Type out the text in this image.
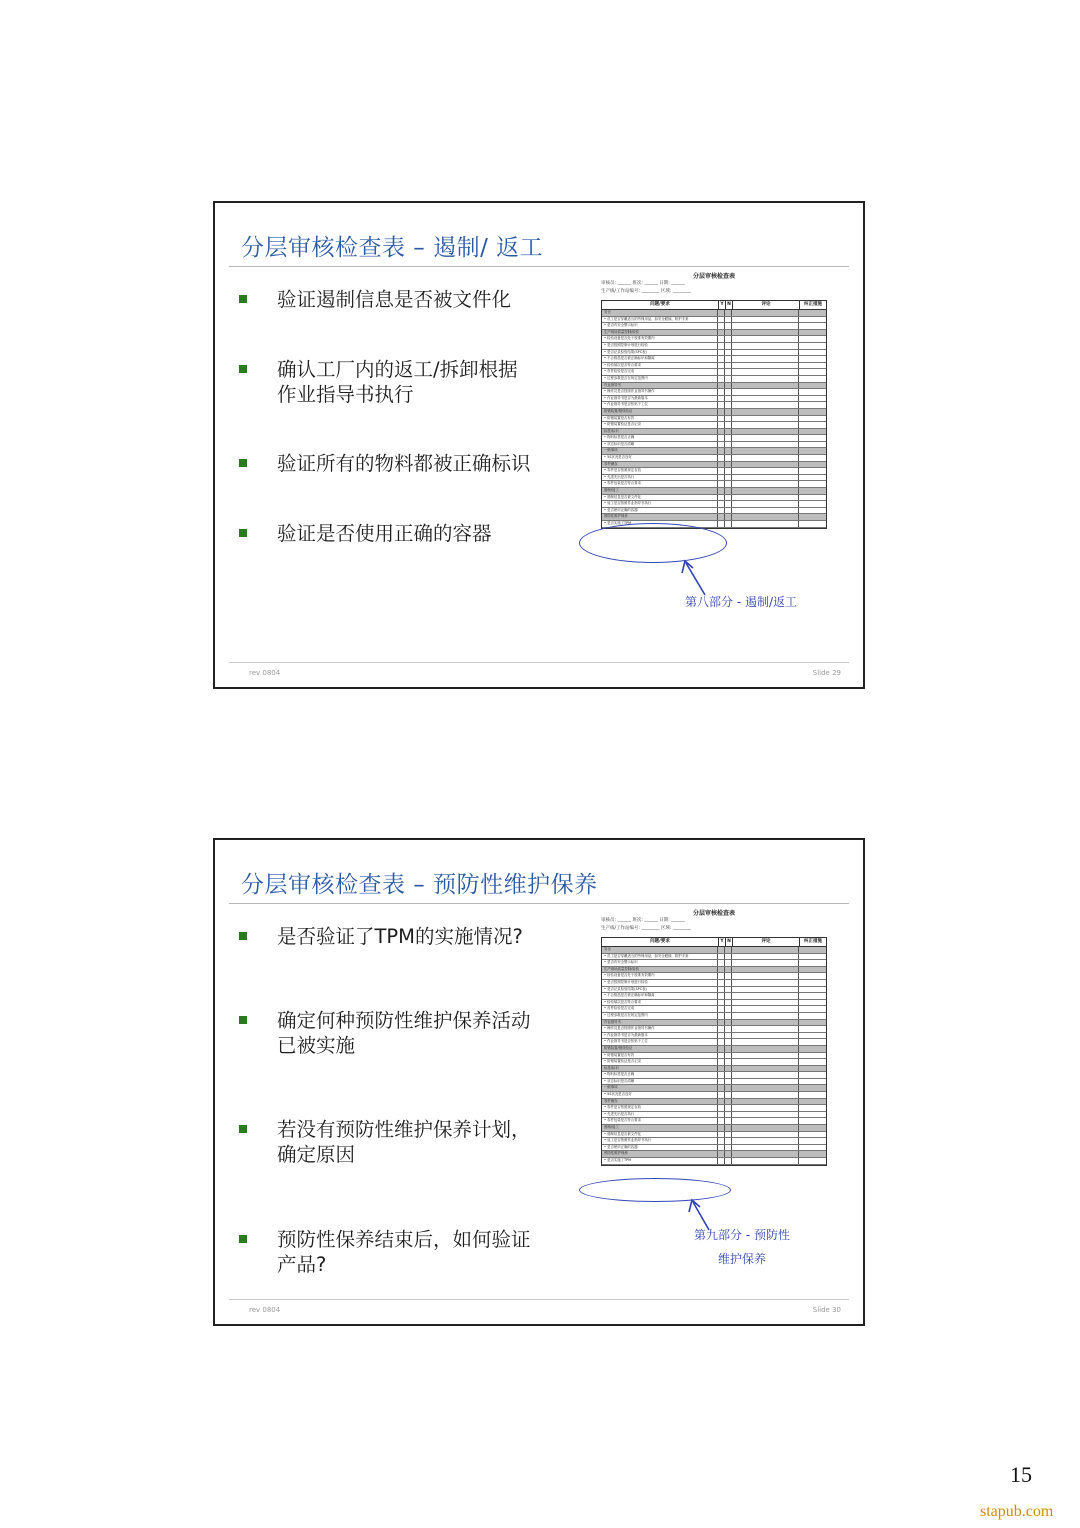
分层审核检查表 – 遏制/ 返工
验证遏制信息是否被文件化
确认工厂内的返工/拆卸根据
作业指导书执行
验证所有的物料都被正确标识
验证是否使用正确的容器
分层审核检查表
审核员: ______ 班次: ______ 日期: ______
生产线/工作站编号: ________ 区域: ________
问题/要求	Y N	评论	纠正措施
安全
• 员工是否穿戴适当的劳保用品，如安全眼镜、防护手套
• 是否有安全警示标识
生产现场质量控制/检验
• 检验设备是否处于校准有效期内
• 是否按照控制计划进行检验
• 是否记录检验结果(SPC表)
• 不合格品是否被正确标识和隔离
• 检验频次是否符合要求
• 首件检验是否完成
• 过程参数是否在规定范围内
作业指导书
• 操作员是否按照作业指导书操作
• 作业指导书是否为最新版本
• 作业指导书是否张贴于工位
防错装置/错误验证
• 防错装置是否有效
• 防错装置验证是否记录
标签/标识
• 物料标签是否正确
• 状态标识是否清晰
一般事项
• 5S状况是否良好
零件储存
• 零件是否按照规定存放
• 先进先出是否执行
• 零件包装是否符合要求
遏制/返工
• 遏制信息是否被文件化
• 返工是否按照作业指导书执行
• 是否使用正确的容器
预防性维护保养
• 是否实施了TPM
第八部分 - 遏制/返工
rev 0804	Slide 29
分层审核检查表 – 预防性维护保养
是否验证了TPM的实施情况?
确定何种预防性维护保养活动
已被实施
若没有预防性维护保养计划，
确定原因
预防性保养结束后，如何验证
产品?
分层审核检查表
审核员: ______ 班次: ______ 日期: ______
生产线/工作站编号: ________ 区域: ________
问题/要求	Y N	评论	纠正措施
安全
• 员工是否穿戴适当的劳保用品，如安全眼镜、防护手套
• 是否有安全警示标识
生产现场质量控制/检验
• 检验设备是否处于校准有效期内
• 是否按照控制计划进行检验
• 是否记录检验结果(SPC表)
• 不合格品是否被正确标识和隔离
• 检验频次是否符合要求
• 首件检验是否完成
• 过程参数是否在规定范围内
作业指导书
• 操作员是否按照作业指导书操作
• 作业指导书是否为最新版本
• 作业指导书是否张贴于工位
防错装置/错误验证
• 防错装置是否有效
• 防错装置验证是否记录
标签/标识
• 物料标签是否正确
• 状态标识是否清晰
一般事项
• 5S状况是否良好
零件储存
• 零件是否按照规定存放
• 先进先出是否执行
• 零件包装是否符合要求
遏制/返工
• 遏制信息是否被文件化
• 返工是否按照作业指导书执行
• 是否使用正确的容器
预防性维护保养
• 是否实施了TPM
第九部分 - 预防性
维护保养
rev 0804	Slide 30
15
stapub.com
